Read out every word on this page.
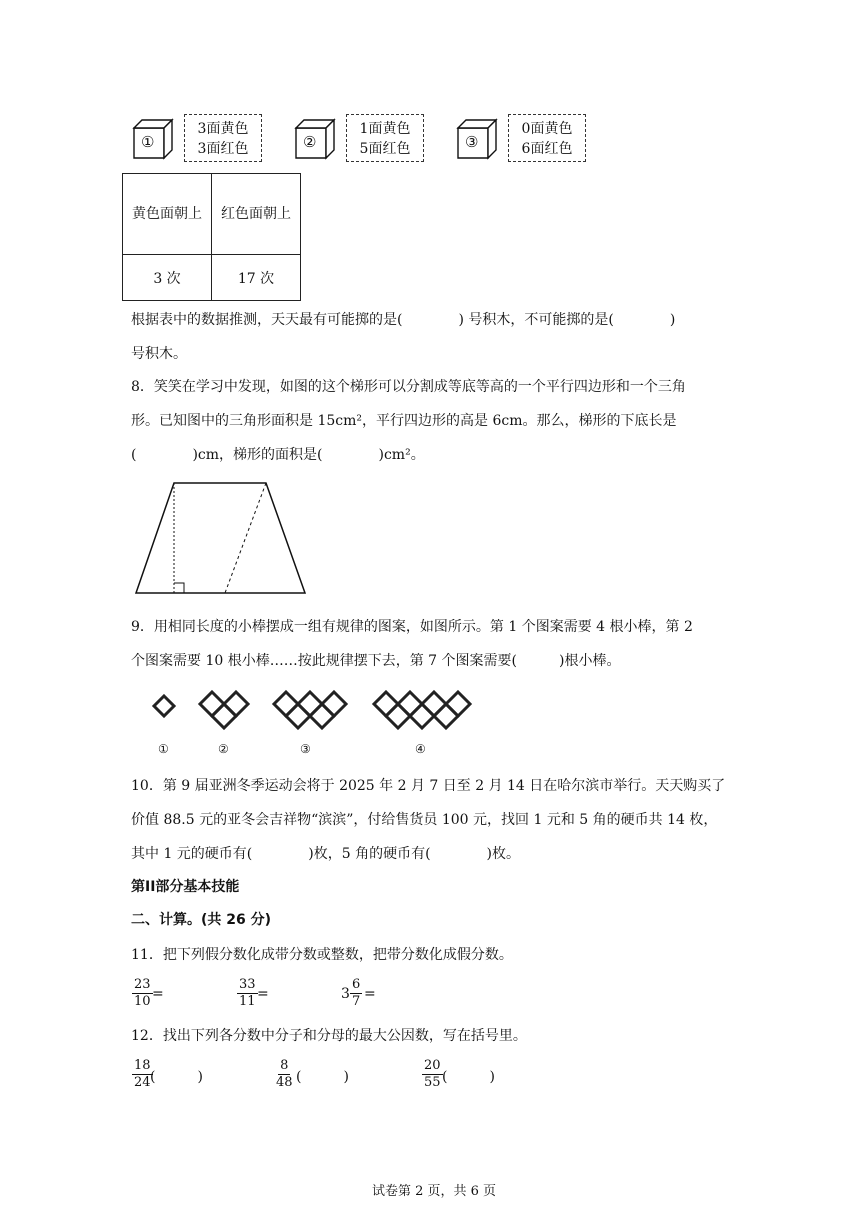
①
3面黄色
3面红色	②
1面黄色
5面红色	③
0面黄色
6面红色
黄色面朝上	红色面朝上
3 次	17 次
根据表中的数据推测，天天最有可能掷的是(　　　　) 号积木，不可能掷的是(　　　　)
号积木。
8．笑笑在学习中发现，如图的这个梯形可以分割成等底等高的一个平行四边形和一个三角
形。已知图中的三角形面积是 15cm²，平行四边形的高是 6cm。那么，梯形的下底长是
(　　　　)cm，梯形的面积是(　　　　)cm²。
9．用相同长度的小棒摆成一组有规律的图案，如图所示。第 1 个图案需要 4 根小棒，第 2
个图案需要 10 根小棒……按此规律摆下去，第 7 个图案需要(　　　)根小棒。
①	②	③	④
10．第 9 届亚洲冬季运动会将于 2025 年 2 月 7 日至 2 月 14 日在哈尔滨市举行。天天购买了
价值 88.5 元的亚冬会吉祥物“滨滨”，付给售货员 100 元，找回 1 元和 5 角的硬币共 14 枚，
其中 1 元的硬币有(　　　　)枚，5 角的硬币有(　　　　)枚。
第II部分基本技能
二、计算。(共 26 分)
11．把下列假分数化成带分数或整数，把带分数化成假分数。
$\frac{23}{10}$ =	$\frac{33}{11}$ =	$3 \frac{6}{7}$ =
12．找出下列各分数中分子和分母的最大公因数，写在括号里。
$\frac{18}{24}$
(　　　)	$\frac{8}{48}$ (　　　)	$\frac{20}{55}$ (　　　)
试卷第 2 页，共 6 页
